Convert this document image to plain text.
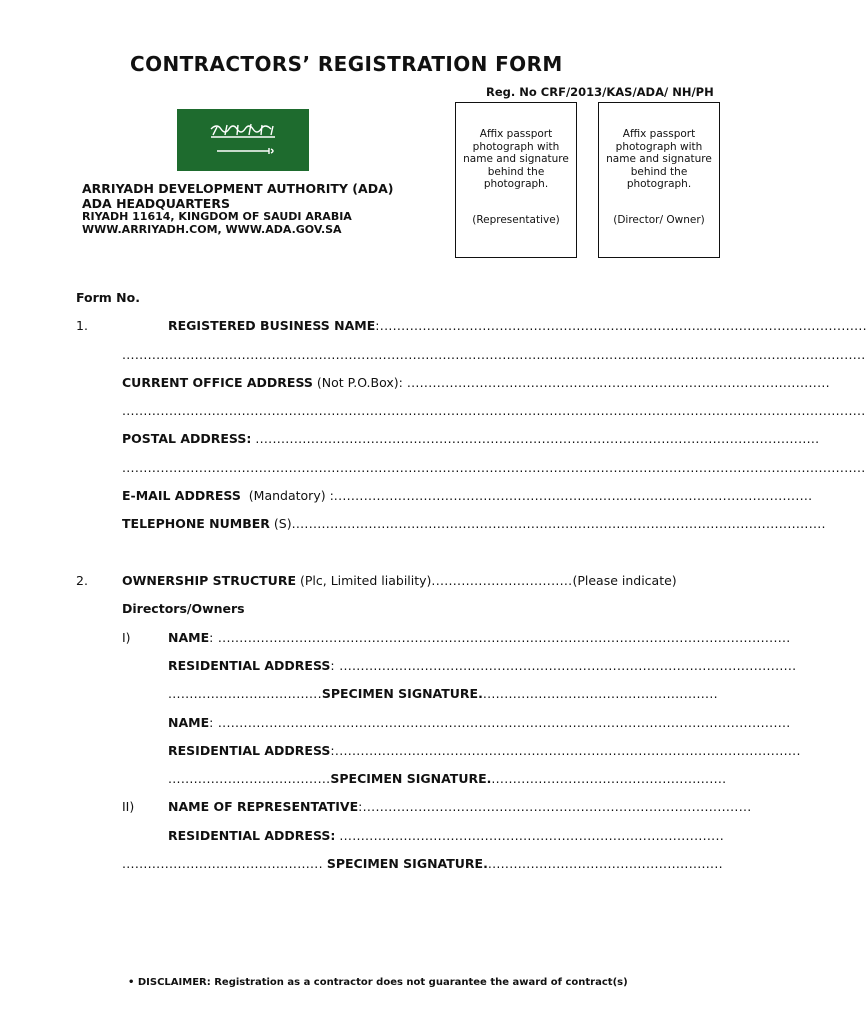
CONTRACTORS’ REGISTRATION FORM
Reg. No CRF/2013/KAS/ADA/ NH/PH
ARRIYADH DEVELOPMENT AUTHORITY (ADA)
ADA HEADQUARTERS
RIYADH 11614, KINGDOM OF SAUDI ARABIA
WWW.ARRIYADH.COM, WWW.ADA.GOV.SA
Affix passport photograph with name and signature behind the photograph.
(Representative)
Affix passport photograph with name and signature behind the photograph.
(Director/ Owner)
Form No.
1.	REGISTERED BUSINESS NAME:..................................................................................................................
..............................................................................................................................................................................
CURRENT OFFICE ADDRESS (Not P.O.Box): ...................................................................................................
..............................................................................................................................................................................
POSTAL ADDRESS: ....................................................................................................................................
..............................................................................................................................................................................
E-MAIL ADDRESS (Mandatory) :................................................................................................................
TELEPHONE NUMBER (S).............................................................................................................................
2.	OWNERSHIP STRUCTURE (Plc, Limited liability).................................(Please indicate)
Directors/Owners
I)	NAME: ......................................................................................................................................
RESIDENTIAL ADDRESS: ...........................................................................................................
....................................SPECIMEN SIGNATURE........................................................
NAME: ......................................................................................................................................
RESIDENTIAL ADDRESS:.............................................................................................................
......................................SPECIMEN SIGNATURE........................................................
II)	NAME OF REPRESENTATIVE:...........................................................................................
RESIDENTIAL ADDRESS: ..........................................................................................
............................................... SPECIMEN SIGNATURE........................................................
• DISCLAIMER: Registration as a contractor does not guarantee the award of contract(s)
